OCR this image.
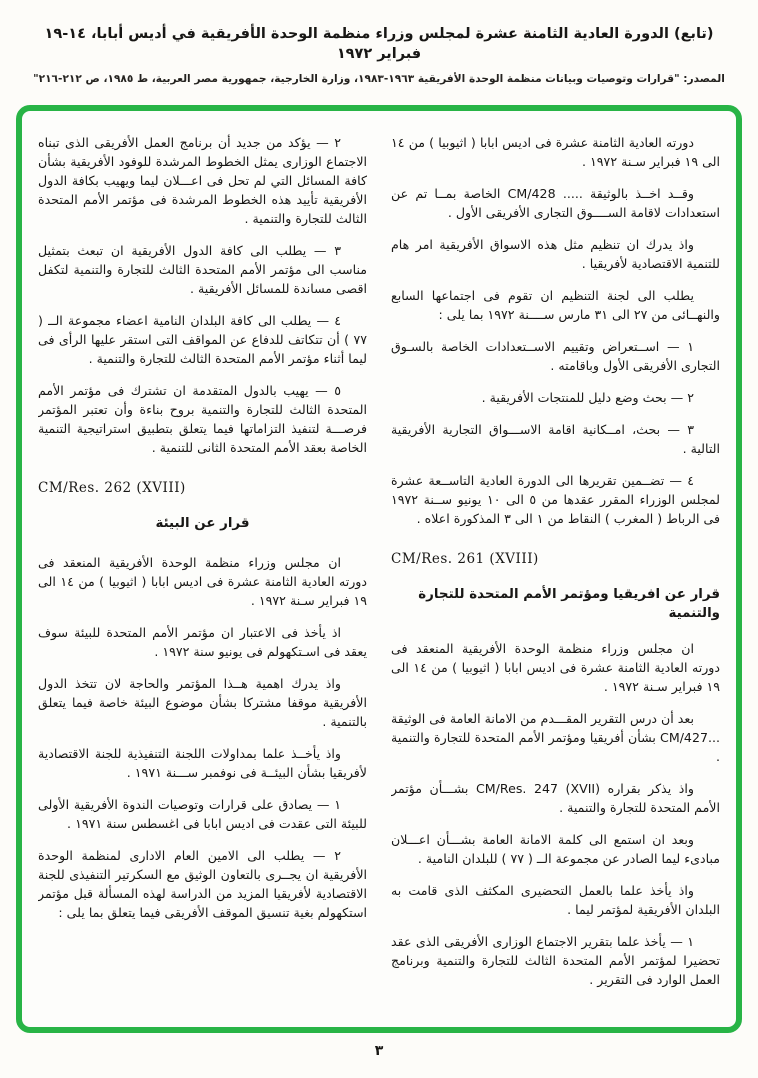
(تابع) الدورة العادية الثامنة عشرة لمجلس وزراء منظمة الوحدة الأفريقية في أديس أبابا، ١٤-١٩ فبراير ١٩٧٢
المصدر: "قرارات وتوصيات وبيانات منظمة الوحدة الأفريقية ١٩٦٣-١٩٨٣، وزارة الخارجية، جمهورية مصر العربية، ط ١٩٨٥، ص ٢١٢-٢١٦"

دورته العادية الثامنة عشرة فى اديس ابابا ( اثيوبيا ) من ١٤ الى ١٩ فبراير سـنة ١٩٧٢ .

وقــد اخــذ بالوثيقة ..... CM/428 الخاصة بمــا تم عن استعدادات لاقامة الســــوق التجارى الأفريقى الأول .

واذ يدرك ان تنظيم مثل هذه الاسواق الأفريقية امر هام للتنمية الاقتصادية لأفريقيا .

يطلب الى لجنة التنظيم ان تقوم فى اجتماعها السابع والنهــائى من ٢٧ الى ٣١ مارس ســــنة ١٩٧٢ بما يلى :

١ — اســتعراض وتقييم الاســتعدادات الخاصة بالسـوق التجارى الأفريقى الأول وباقامته .

٢ — بحث وضع دليل للمنتجات الأفريقية .

٣ — بحث، امــكانية اقامة الاســـواق التجارية الأفريقية التالية .

٤ — تضــمين تقريرها الى الدورة العادية التاســعة عشرة لمجلس الوزراء المقرر عقدها من ٥ الى ١٠ يونيو ســنة ١٩٧٢ فى الرباط ( المغرب ) النقاط من ١ الى ٣ المذكورة اعلاه .

CM/Res. 261 (XVIII)

قرار عن افريقيا ومؤتمر الأمم المتحدة للتجارة والتنمية

ان مجلس وزراء منظمة الوحدة الأفريقية المنعقد فى دورته العادية الثامنة عشرة فى اديس ابابا ( اثيوبيا ) من ١٤ الى ١٩ فبراير سـنة ١٩٧٢ .

بعد أن درس التقرير المقـــدم من الامانة العامة فى الوثيقة ...CM/427 بشأن أفريقيا ومؤتمر الأمم المتحدة للتجارة والتنمية .

واذ يذكر بقراره CM/Res. 247 (XVII) بشـــأن مؤتمر الأمم المتحدة للتجارة والتنمية .

وبعد ان استمع الى كلمة الامانة العامة بشـــأن اعـــلان مبادىء ليما الصادر عن مجموعة الــ ( ٧٧ ) للبلدان النامية .

واذ يأخذ علما بالعمل التحضيرى المكثف الذى قامت به البلدان الأفريقية لمؤتمر ليما .

١ — يأخذ علما بتقرير الاجتماع الوزارى الأفريقى الذى عقد تحضيرا لمؤتمر الأمم المتحدة الثالث للتجارة والتنمية وبرنامج العمل الوارد فى التقرير .

٢ — يؤكد من جديد أن برنامج العمل الأفريقى الذى تبناه الاجتماع الوزارى يمثل الخطوط المرشدة للوفود الأفريقية بشأن كافة المسائل التي لم تحل فى اعـــلان ليما ويهيب بكافة الدول الأفريقية تأييد هذه الخطوط المرشدة فى مؤتمر الأمم المتحدة الثالث للتجارة والتنمية .

٣ — يطلب الى كافة الدول الأفريقية ان تبعث بتمثيل مناسب الى مؤتمر الأمم المتحدة الثالث للتجارة والتنمية لتكفل اقصى مساندة للمسائل الأفريقية .

٤ — يطلب الى كافة البلدان النامية اعضاء مجموعة الــ ( ٧٧ ) أن تتكاتف للدفاع عن المواقف التى استقر عليها الرأى فى ليما أثناء مؤتمر الأمم المتحدة الثالث للتجارة والتنمية .

٥ — يهيب بالدول المتقدمة ان تشترك فى مؤتمر الأمم المتحدة الثالث للتجارة والتنمية بروح بناءة وأن تعتبر المؤتمر فرصـــة لتنفيذ التزاماتها فيما يتعلق بتطبيق استراتيجية التنمية الخاصة بعقد الأمم المتحدة الثانى للتنمية .

CM/Res. 262 (XVIII)

قرار عن البيئة

ان مجلس وزراء منظمة الوحدة الأفريقية المنعقد فى دورته العادية الثامنة عشرة فى اديس ابابا ( اثيوبيا ) من ١٤ الى ١٩ فبراير سـنة ١٩٧٢ .

اذ يأخذ فى الاعتبار ان مؤتمر الأمم المتحدة للبيئة سوف يعقد فى اسـتكهولم فى يونيو سنة ١٩٧٢ .

واذ يدرك اهمية هــذا المؤتمر والحاجة لان تتخذ الدول الأفريقية موقفا مشتركا بشأن موضوع البيئة خاصة فيما يتعلق بالتنمية .

واذ يأخــذ علما بمداولات اللجنة التنفيذية للجنة الاقتصادية لأفريقيا بشأن البيئــة فى نوفمبر ســـنة ١٩٧١ .

١ — يصادق على قرارات وتوصيات الندوة الأفريقية الأولى للبيئة التى عقدت فى اديس ابابا فى اغسطس سنة ١٩٧١ .

٢ — يطلب الى الامين العام الادارى لمنظمة الوحدة الأفريقية ان يجــرى بالتعاون الوثيق مع السكرتير التنفيذى للجنة الاقتصادية لأفريقيا المزيد من الدراسة لهذه المسألة قبل مؤتمر استكهولم بغية تنسيق الموقف الأفريقى فيما يتعلق بما يلى :

٣
